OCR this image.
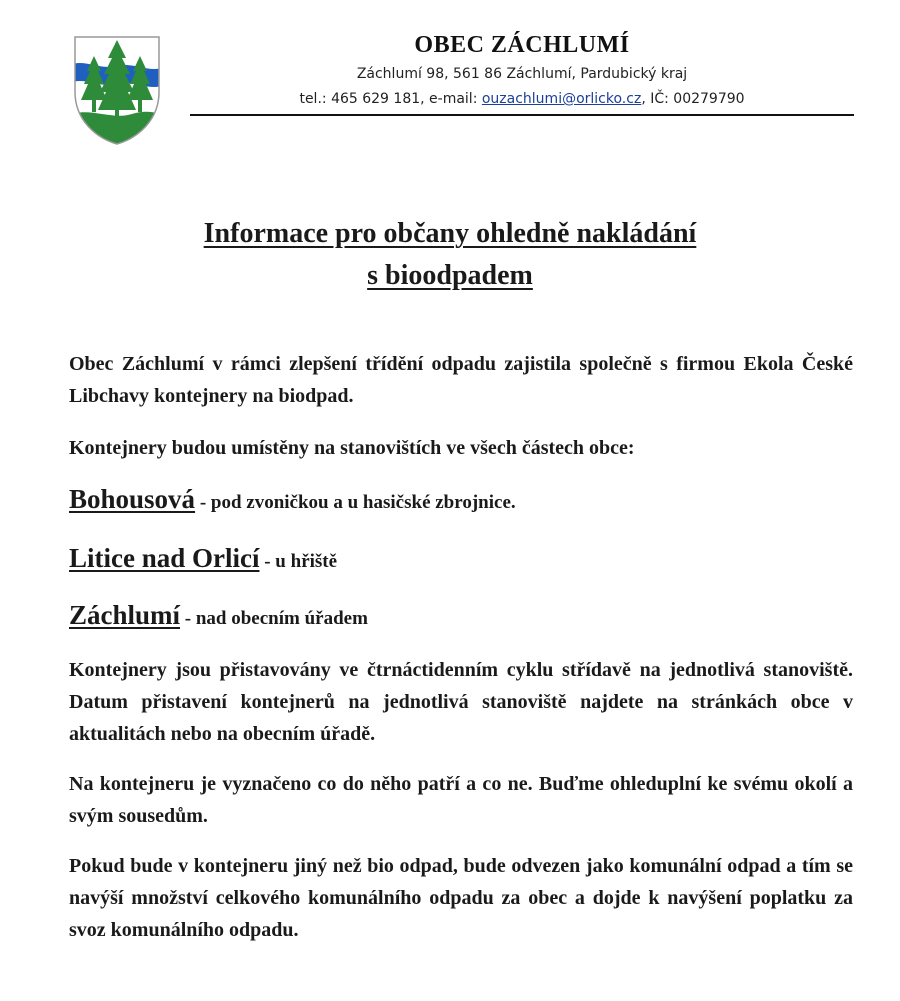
OBEC ZÁCHLUMÍ
Záchlumí 98, 561 86 Záchlumí, Pardubický kraj
tel.: 465 629 181, e-mail: ouzachlumi@orlicko.cz, IČ: 00279790
Informace pro občany ohledně nakládání
s bioodpadem
Obec Záchlumí v rámci zlepšení třídění odpadu zajistila společně s firmou Ekola České Libchavy kontejnery na biodpad.
Kontejnery budou umístěny na stanovištích ve všech částech obce:
Bohousová - pod zvoničkou a u hasičské zbrojnice.
Litice nad Orlicí - u hřiště
Záchlumí - nad obecním úřadem
Kontejnery jsou přistavovány ve čtrnáctidenním cyklu střídavě na jednotlivá stanoviště. Datum přistavení kontejnerů na jednotlivá stanoviště najdete na stránkách obce v aktualitách nebo na obecním úřadě.
Na kontejneru je vyznačeno co do něho patří a co ne. Buďme ohleduplní ke svému okolí a svým sousedům.
Pokud bude v kontejneru jiný než bio odpad, bude odvezen jako komunální odpad a tím se navýší množství celkového komunálního odpadu za obec a dojde k navýšení poplatku za svoz komunálního odpadu.
